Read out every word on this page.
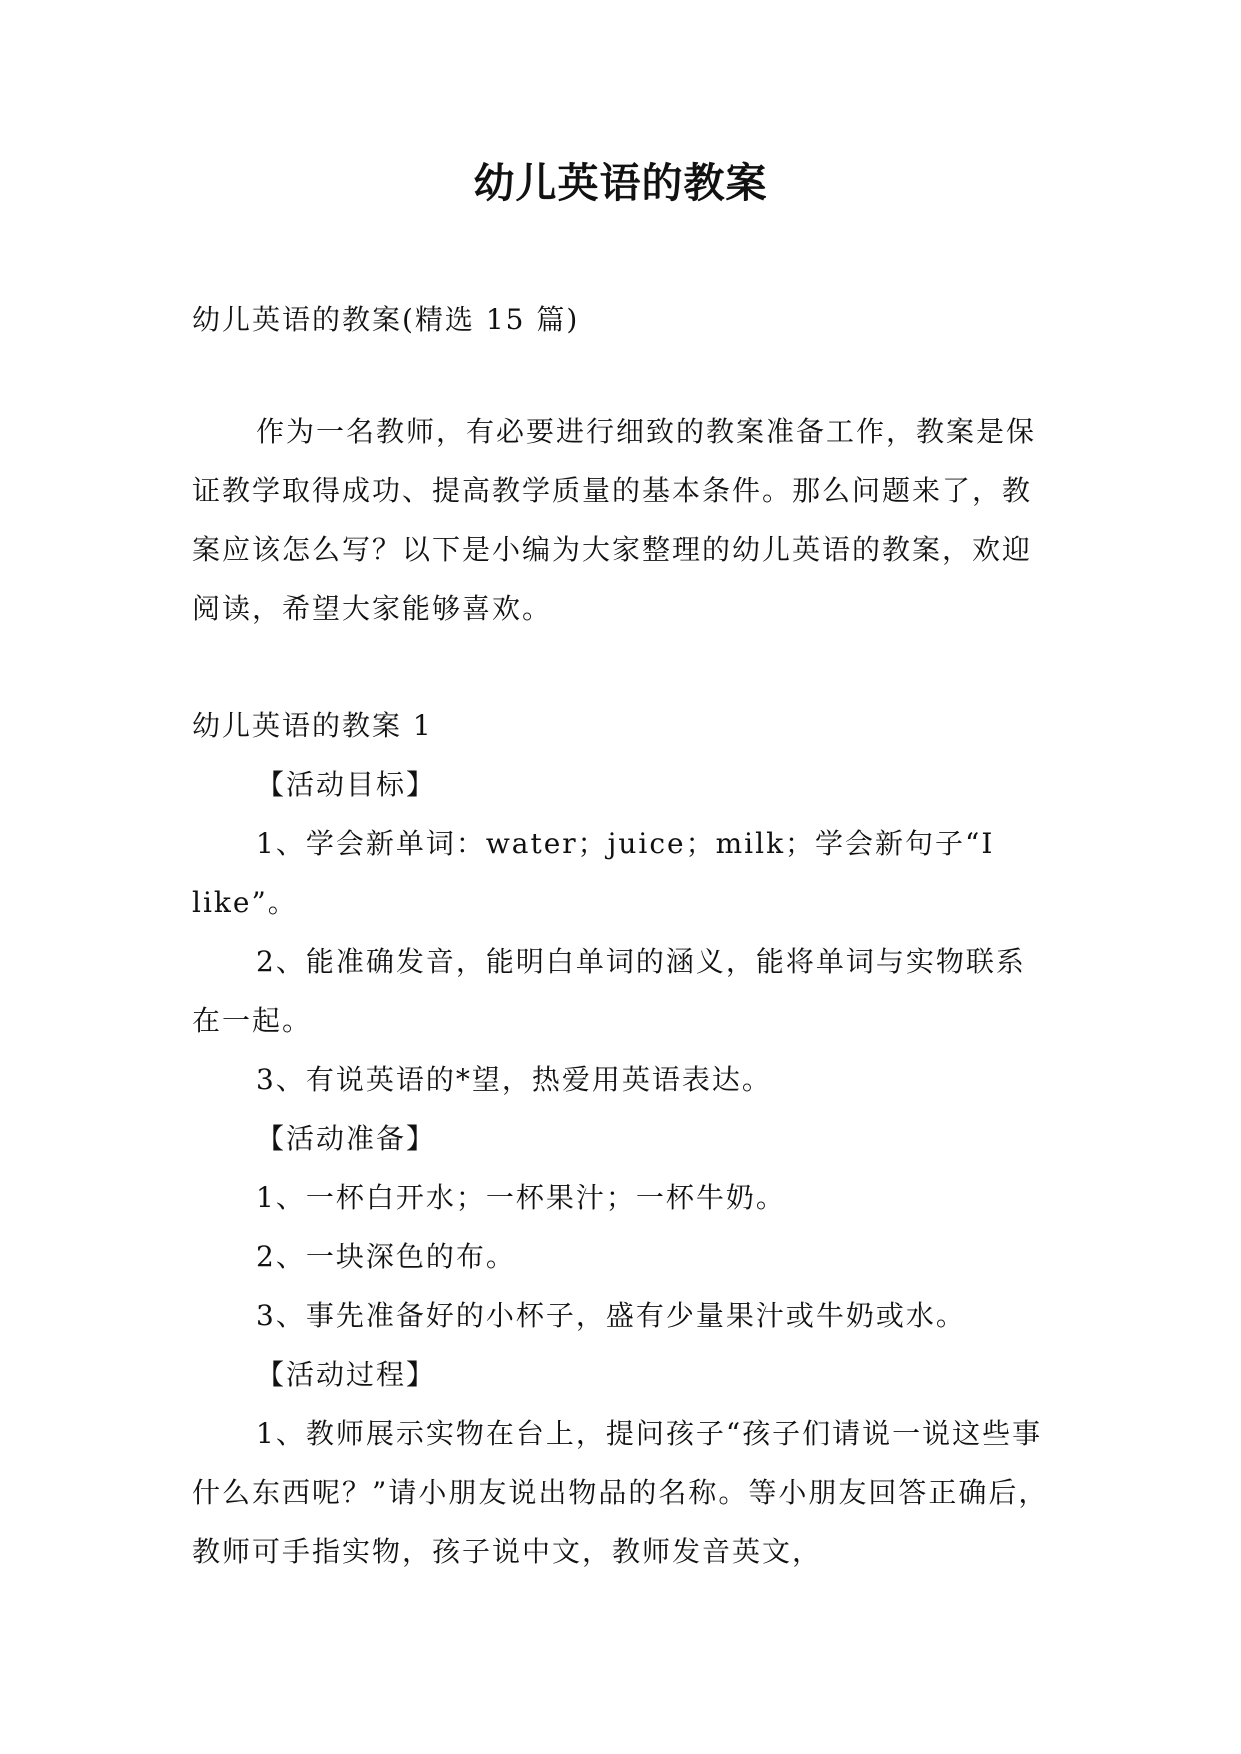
幼儿英语的教案

幼儿英语的教案(精选 15 篇)

作为一名教师，有必要进行细致的教案准备工作，教案是保证教学取得成功、提高教学质量的基本条件。那么问题来了，教案应该怎么写？以下是小编为大家整理的幼儿英语的教案，欢迎阅读，希望大家能够喜欢。

幼儿英语的教案 1

【活动目标】

1、学会新单词：water；juice；milk；学会新句子“I like”。

2、能准确发音，能明白单词的涵义，能将单词与实物联系在一起。

3、有说英语的*望，热爱用英语表达。

【活动准备】

1、一杯白开水；一杯果汁；一杯牛奶。

2、一块深色的布。

3、事先准备好的小杯子，盛有少量果汁或牛奶或水。

【活动过程】

1、教师展示实物在台上，提问孩子“孩子们请说一说这些事什么东西呢？”请小朋友说出物品的名称。等小朋友回答正确后，教师可手指实物，孩子说中文，教师发音英文，
